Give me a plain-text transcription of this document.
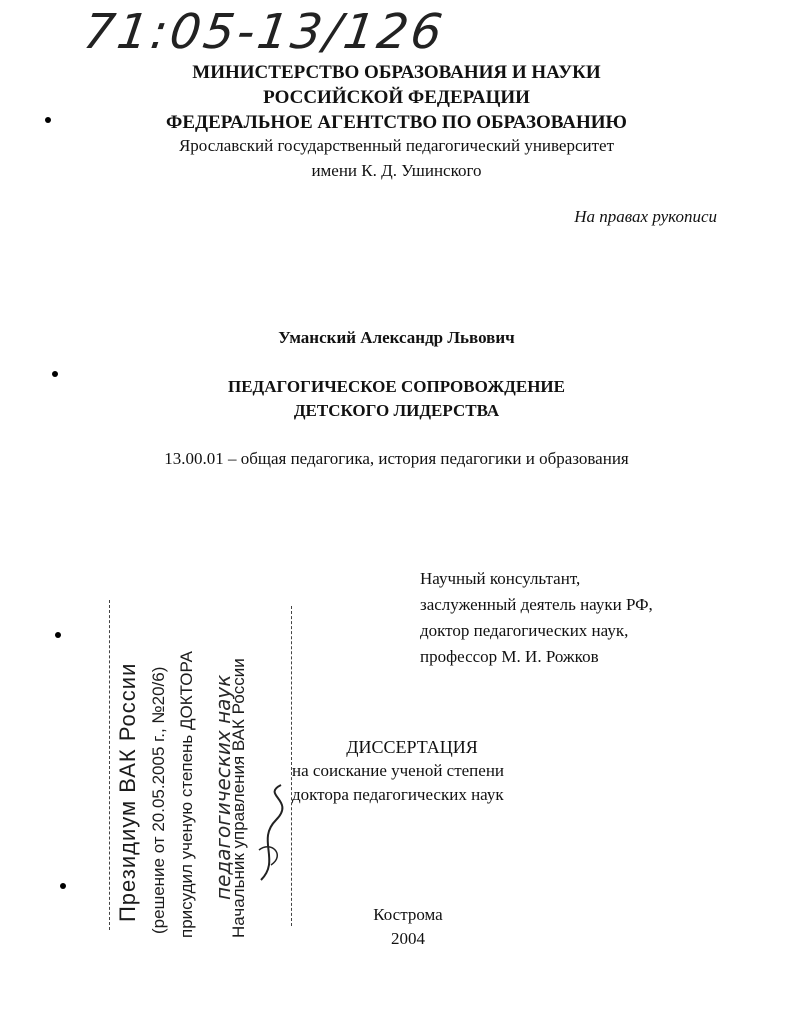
71:05-13/126
МИНИСТЕРСТВО ОБРАЗОВАНИЯ И НАУКИ
РОССИЙСКОЙ ФЕДЕРАЦИИ
ФЕДЕРАЛЬНОЕ АГЕНТСТВО ПО ОБРАЗОВАНИЮ
Ярославский государственный педагогический университет
имени К. Д. Ушинского
На правах рукописи
Уманский Александр Львович
ПЕДАГОГИЧЕСКОЕ СОПРОВОЖДЕНИЕ
ДЕТСКОГО ЛИДЕРСТВА
13.00.01 – общая педагогика, история педагогики и образования
Научный консультант,
заслуженный деятель науки РФ,
доктор педагогических наук,
профессор М. И. Рожков
ДИССЕРТАЦИЯ
на соискание ученой степени
доктора педагогических наук
Кострома
2004
Президиум ВАК России (решение от 20.05.2005 г., №20/6) присудил ученую степень ДОКТОРА педагогических наук
Начальник управления ВАК России
